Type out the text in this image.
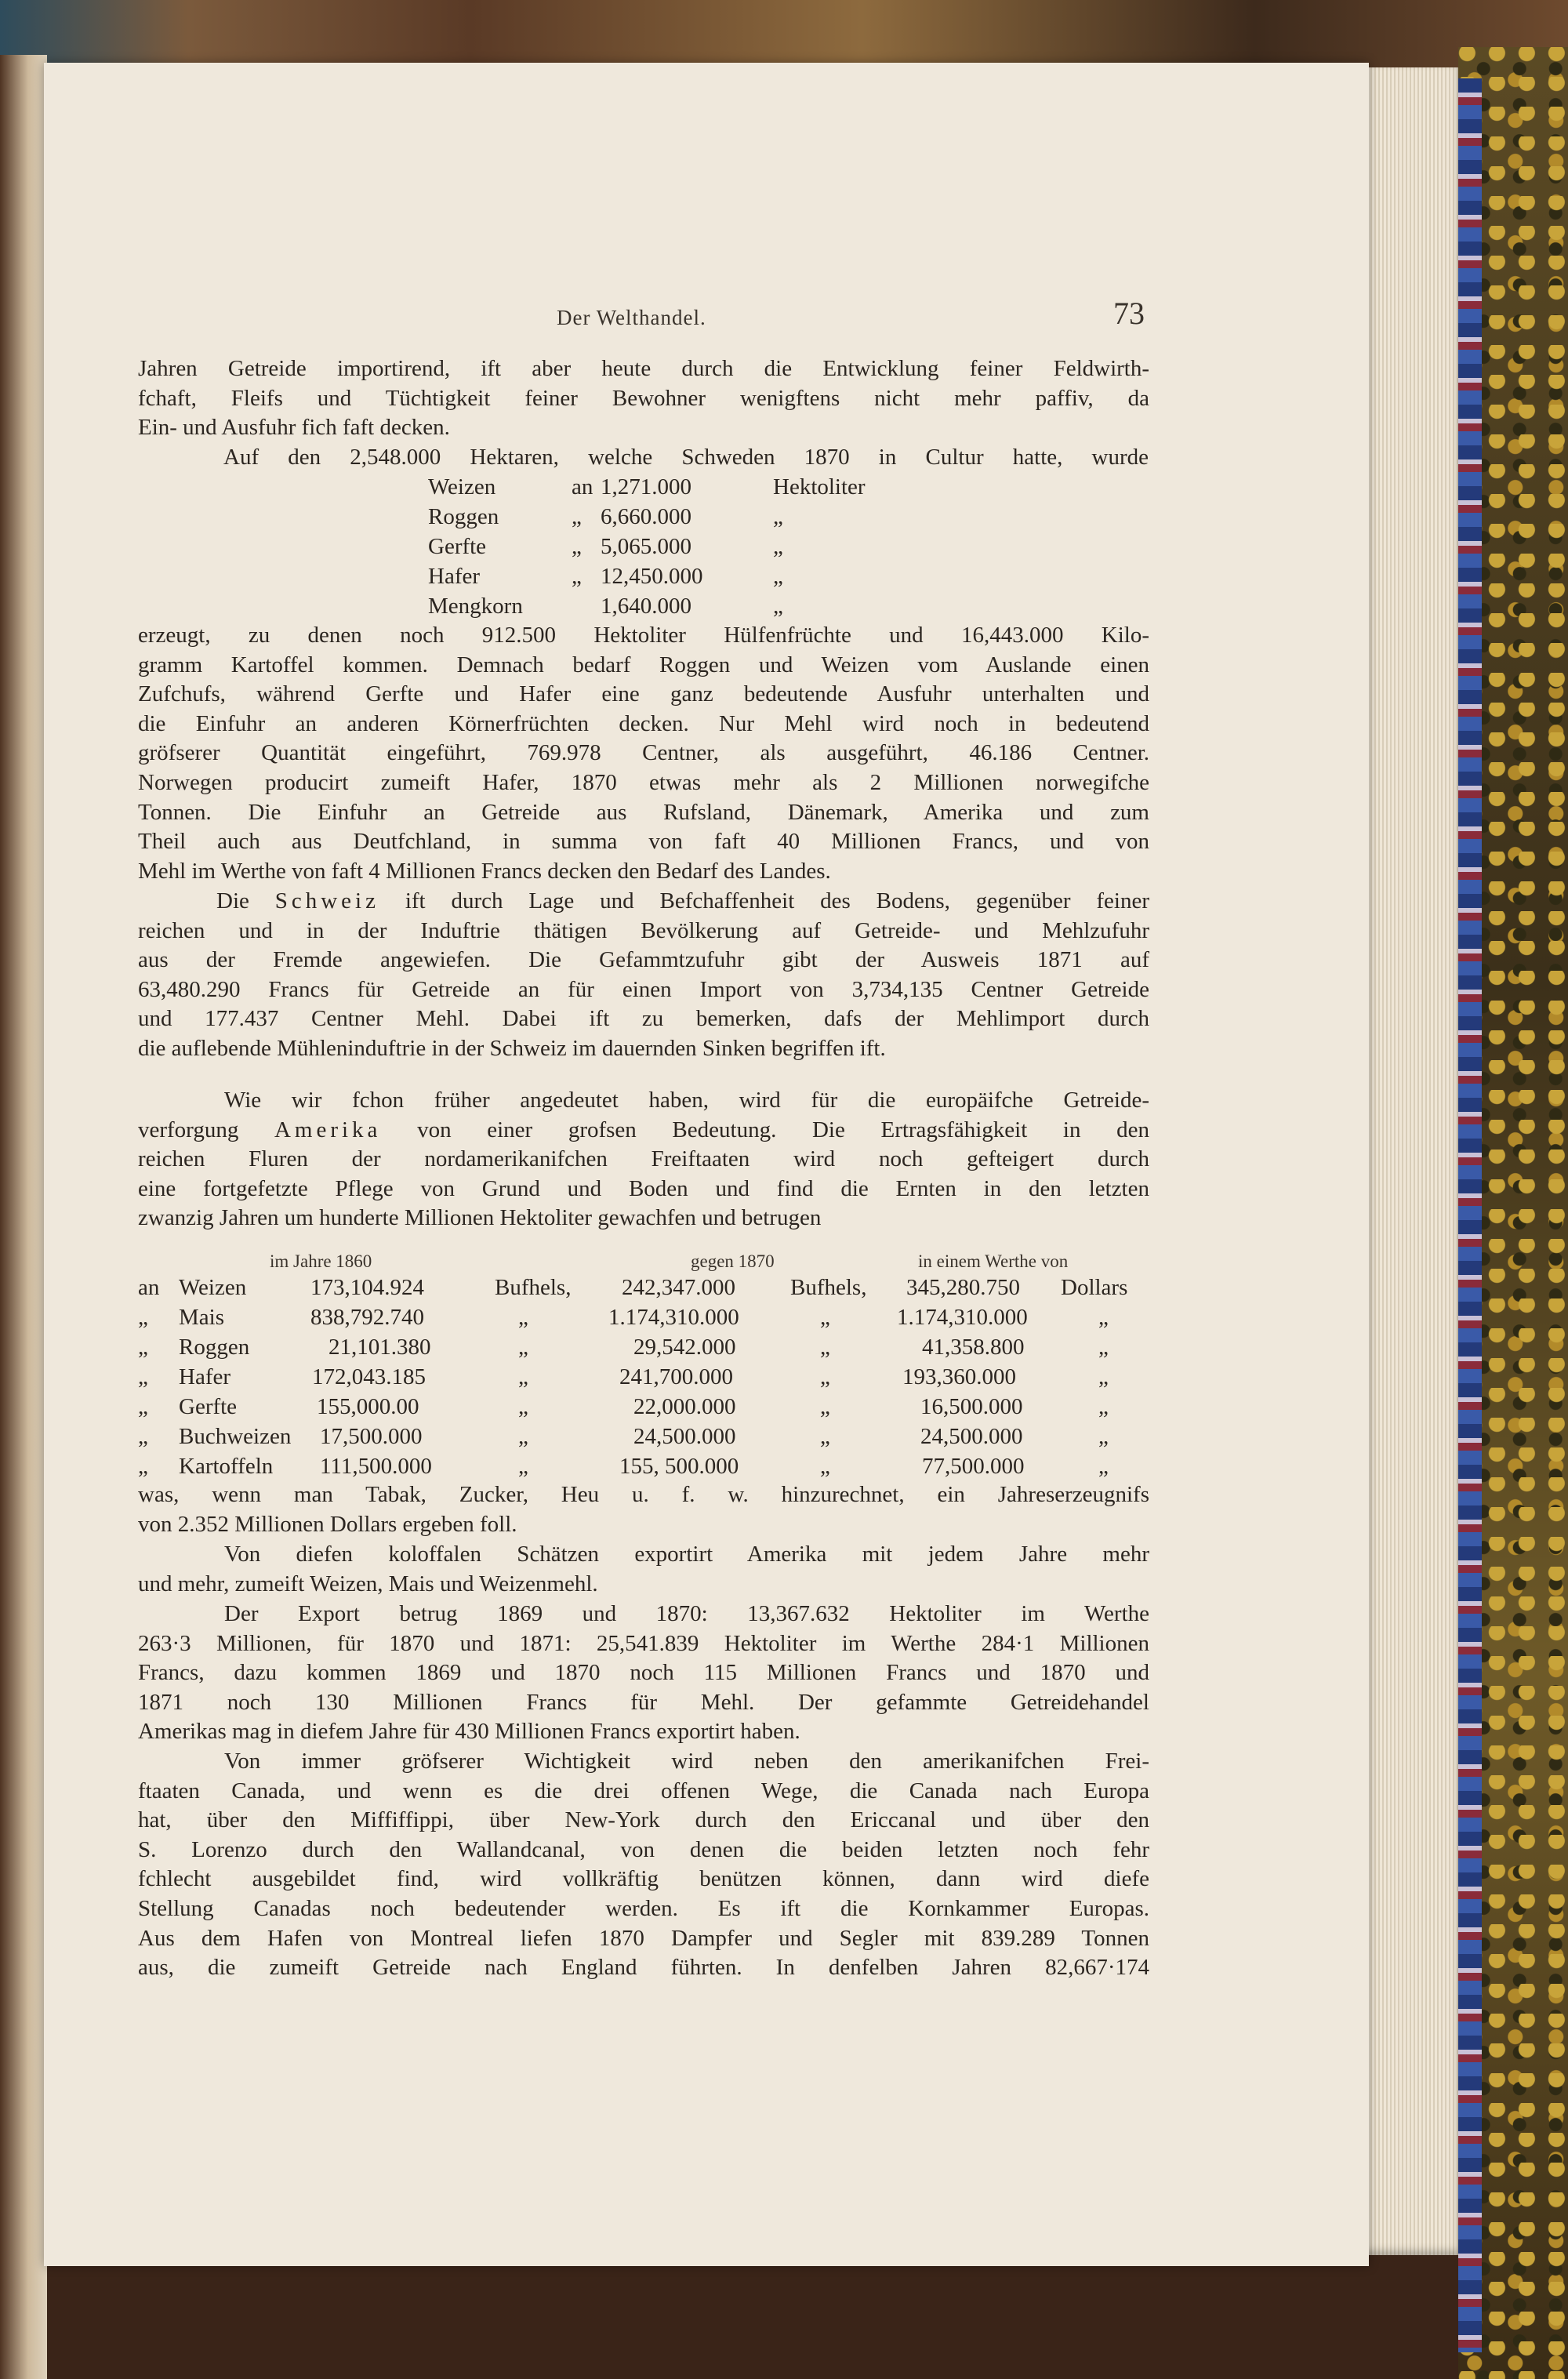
Der Welthandel.	73
Jahren Getreide importirend, ift aber heute durch die Entwicklung feiner Feldwirth-
fchaft, Fleifs und Tüchtigkeit feiner Bewohner wenigftens nicht mehr paffiv, da
Ein- und Ausfuhr fich faft decken.
Auf den 2,548.000 Hektaren, welche Schweden 1870 in Cultur hatte, wurde
Weizen	an 1,271.000	Hektoliter
Roggen	„ 6,660.000	„
Gerfte	„ 5,065.000	„
Hafer	„ 12,450.000	„
Mengkorn	1,640.000	„
erzeugt, zu denen noch 912.500 Hektoliter Hülfenfrüchte und 16,443.000 Kilo-
gramm Kartoffel kommen. Demnach bedarf Roggen und Weizen vom Auslande einen
Zufchufs, während Gerfte und Hafer eine ganz bedeutende Ausfuhr unterhalten und
die Einfuhr an anderen Körnerfrüchten decken. Nur Mehl wird noch in bedeutend
gröfserer Quantität eingeführt, 769.978 Centner, als ausgeführt, 46.186 Centner.
Norwegen producirt zumeift Hafer, 1870 etwas mehr als 2 Millionen norwegifche
Tonnen. Die Einfuhr an Getreide aus Rufsland, Dänemark, Amerika und zum
Theil auch aus Deutfchland, in summa von faft 40 Millionen Francs, und von
Mehl im Werthe von faft 4 Millionen Francs decken den Bedarf des Landes.
Die Schweiz ift durch Lage und Befchaffenheit des Bodens, gegenüber feiner
reichen und in der Induftrie thätigen Bevölkerung auf Getreide- und Mehlzufuhr
aus der Fremde angewiefen. Die Gefammtzufuhr gibt der Ausweis 1871 auf
63,480.290 Francs für Getreide an für einen Import von 3,734,135 Centner Getreide
und 177.437 Centner Mehl. Dabei ift zu bemerken, dafs der Mehlimport durch
die auflebende Mühleninduftrie in der Schweiz im dauernden Sinken begriffen ift.
Wie wir fchon früher angedeutet haben, wird für die europäifche Getreide-
verforgung Amerika von einer grofsen Bedeutung. Die Ertragsfähigkeit in den
reichen Fluren der nordamerikanifchen Freiftaaten wird noch gefteigert durch
eine fortgefetzte Pflege von Grund und Boden und find die Ernten in den letzten
zwanzig Jahren um hunderte Millionen Hektoliter gewachfen und betrugen
im Jahre 1860	gegen 1870	in einem Werthe von
an Weizen	173,104.924	Bufhels, 242,347.000 Bufhels, 345,280.750 Dollars
„ Mais	838,792.740	„	1.174,310.000	„	1.174,310.000	„
„ Roggen	21,101.380	„	29,542.000	„	41,358.800	„
„ Hafer	172,043.185	„	241,700.000	„	193,360.000	„
„ Gerfte	155,000.00	„	22,000.000	„	16,500.000	„
„ Buchweizen 17,500.000	„	24,500.000	„	24,500.000	„
„ Kartoffeln 111,500.000	„	155, 500.000	„	77,500.000	„
was, wenn man Tabak, Zucker, Heu u. f. w. hinzurechnet, ein Jahreserzeugnifs
von 2.352 Millionen Dollars ergeben foll.
Von diefen koloffalen Schätzen exportirt Amerika mit jedem Jahre mehr
und mehr, zumeift Weizen, Mais und Weizenmehl.
Der Export betrug 1869 und 1870: 13,367.632 Hektoliter im Werthe
263·3 Millionen, für 1870 und 1871: 25,541.839 Hektoliter im Werthe 284·1 Millionen
Francs, dazu kommen 1869 und 1870 noch 115 Millionen Francs und 1870 und
1871 noch 130 Millionen Francs für Mehl. Der gefammte Getreidehandel
Amerikas mag in diefem Jahre für 430 Millionen Francs exportirt haben.
Von immer gröfserer Wichtigkeit wird neben den amerikanifchen Frei-
ftaaten Canada, und wenn es die drei offenen Wege, die Canada nach Europa
hat, über den Miffiffippi, über New-York durch den Ericcanal und über den
S. Lorenzo durch den Wallandcanal, von denen die beiden letzten noch fehr
fchlecht ausgebildet find, wird vollkräftig benützen können, dann wird diefe
Stellung Canadas noch bedeutender werden. Es ift die Kornkammer Europas.
Aus dem Hafen von Montreal liefen 1870 Dampfer und Segler mit 839.289 Tonnen
aus, die zumeift Getreide nach England führten. In denfelben Jahren 82,667·174
